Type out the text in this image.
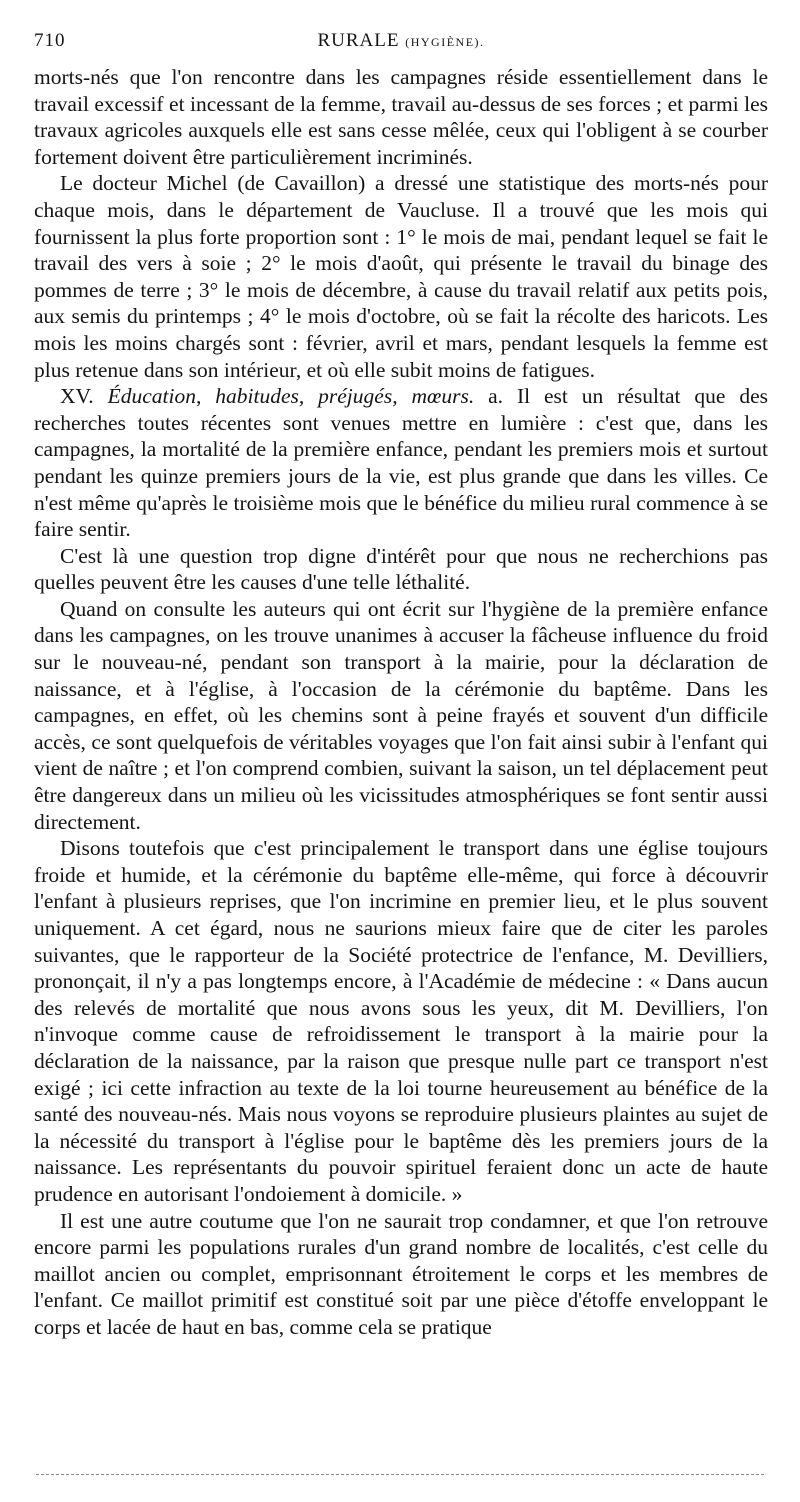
710	RURALE (HYGIÈNE).

morts-nés que l'on rencontre dans les campagnes réside essentiellement dans le travail excessif et incessant de la femme, travail au-dessus de ses forces ; et parmi les travaux agricoles auxquels elle est sans cesse mêlée, ceux qui l'obligent à se courber fortement doivent être particulièrement incriminés.

Le docteur Michel (de Cavaillon) a dressé une statistique des morts-nés pour chaque mois, dans le département de Vaucluse. Il a trouvé que les mois qui fournissent la plus forte proportion sont : 1° le mois de mai, pendant lequel se fait le travail des vers à soie ; 2° le mois d'août, qui présente le travail du binage des pommes de terre ; 3° le mois de décembre, à cause du travail relatif aux petits pois, aux semis du printemps ; 4° le mois d'octobre, où se fait la récolte des haricots. Les mois les moins chargés sont : février, avril et mars, pendant lesquels la femme est plus retenue dans son intérieur, et où elle subit moins de fatigues.

XV. Éducation, habitudes, préjugés, mœurs. a. Il est un résultat que des recherches toutes récentes sont venues mettre en lumière : c'est que, dans les campagnes, la mortalité de la première enfance, pendant les premiers mois et surtout pendant les quinze premiers jours de la vie, est plus grande que dans les villes. Ce n'est même qu'après le troisième mois que le bénéfice du milieu rural commence à se faire sentir.

C'est là une question trop digne d'intérêt pour que nous ne recherchions pas quelles peuvent être les causes d'une telle léthalité.

Quand on consulte les auteurs qui ont écrit sur l'hygiène de la première enfance dans les campagnes, on les trouve unanimes à accuser la fâcheuse influence du froid sur le nouveau-né, pendant son transport à la mairie, pour la déclaration de naissance, et à l'église, à l'occasion de la cérémonie du baptême. Dans les campagnes, en effet, où les chemins sont à peine frayés et souvent d'un difficile accès, ce sont quelquefois de véritables voyages que l'on fait ainsi subir à l'enfant qui vient de naître ; et l'on comprend combien, suivant la saison, un tel déplacement peut être dangereux dans un milieu où les vicissitudes atmosphériques se font sentir aussi directement.

Disons toutefois que c'est principalement le transport dans une église toujours froide et humide, et la cérémonie du baptême elle-même, qui force à découvrir l'enfant à plusieurs reprises, que l'on incrimine en premier lieu, et le plus souvent uniquement. A cet égard, nous ne saurions mieux faire que de citer les paroles suivantes, que le rapporteur de la Société protectrice de l'enfance, M. Devilliers, prononçait, il n'y a pas longtemps encore, à l'Académie de médecine : « Dans aucun des relevés de mortalité que nous avons sous les yeux, dit M. Devilliers, l'on n'invoque comme cause de refroidissement le transport à la mairie pour la déclaration de la naissance, par la raison que presque nulle part ce transport n'est exigé ; ici cette infraction au texte de la loi tourne heureusement au bénéfice de la santé des nouveau-nés. Mais nous voyons se reproduire plusieurs plaintes au sujet de la nécessité du transport à l'église pour le baptême dès les premiers jours de la naissance. Les représentants du pouvoir spirituel feraient donc un acte de haute prudence en autorisant l'ondoiement à domicile. »

Il est une autre coutume que l'on ne saurait trop condamner, et que l'on retrouve encore parmi les populations rurales d'un grand nombre de localités, c'est celle du maillot ancien ou complet, emprisonnant étroitement le corps et les membres de l'enfant. Ce maillot primitif est constitué soit par une pièce d'étoffe enveloppant le corps et lacée de haut en bas, comme cela se pratique
